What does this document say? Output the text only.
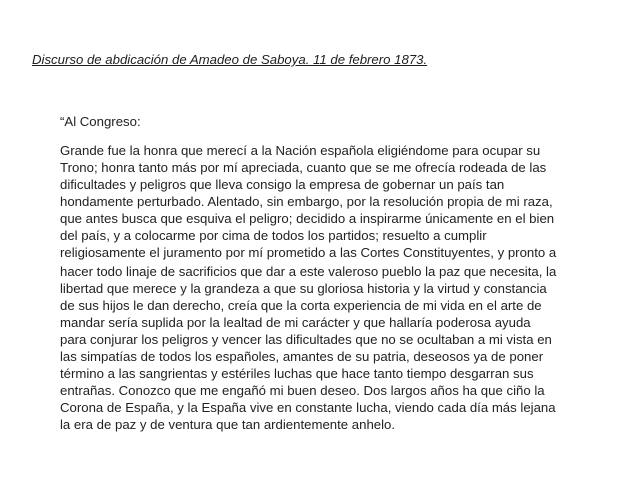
Discurso de abdicación de Amadeo de Saboya. 11 de febrero 1873.

“Al Congreso:

Grande fue la honra que merecí a la Nación española eligiéndome para ocupar su
Trono; honra tanto más por mí apreciada, cuanto que se me ofrecía rodeada de las
dificultades y peligros que lleva consigo la empresa de gobernar un país tan
hondamente perturbado. Alentado, sin embargo, por la resolución propia de mi raza,
que antes busca que esquiva el peligro; decidido a inspirarme únicamente en el bien
del país, y a colocarme por cima de todos los partidos; resuelto a cumplir
religiosamente el juramento por mí prometido a las Cortes Constituyentes, y pronto a
hacer todo linaje de sacrificios que dar a este valeroso pueblo la paz que necesita, la
libertad que merece y la grandeza a que su gloriosa historia y la virtud y constancia
de sus hijos le dan derecho, creía que la corta experiencia de mi vida en el arte de
mandar sería suplida por la lealtad de mi carácter y que hallaría poderosa ayuda
para conjurar los peligros y vencer las dificultades que no se ocultaban a mi vista en
las simpatías de todos los españoles, amantes de su patria, deseosos ya de poner
término a las sangrientas y estériles luchas que hace tanto tiempo desgarran sus
entrañas. Conozco que me engañó mi buen deseo. Dos largos años ha que ciño la
Corona de España, y la España vive en constante lucha, viendo cada día más lejana
la era de paz y de ventura que tan ardientemente anhelo.
